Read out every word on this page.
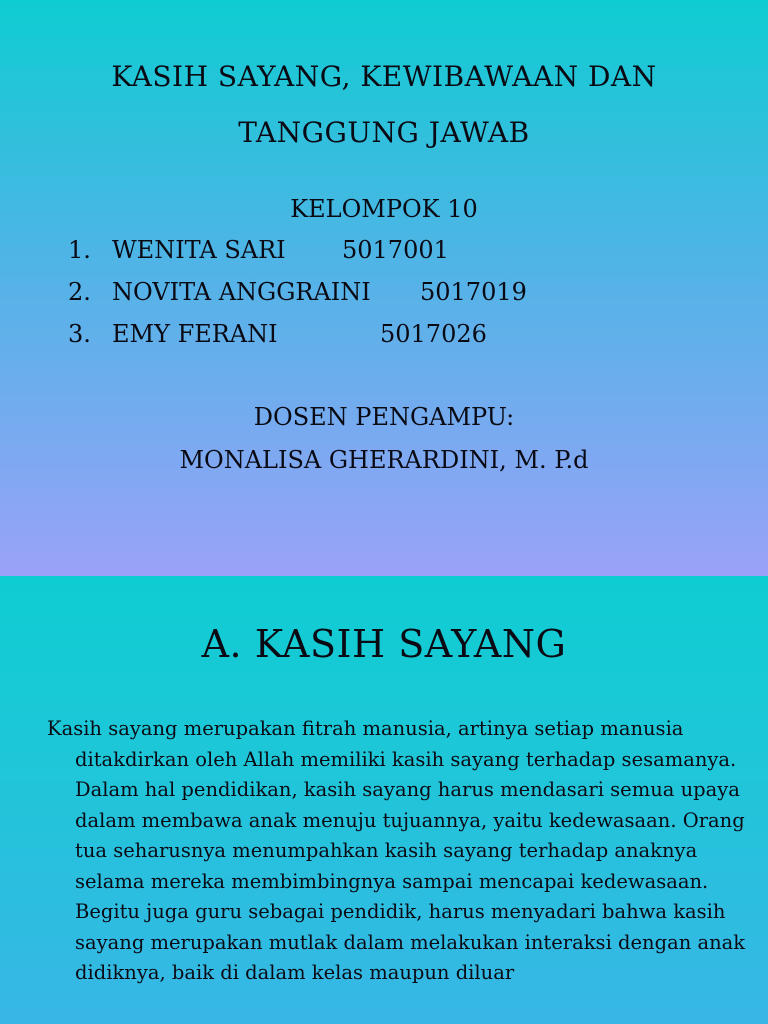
KASIH SAYANG, KEWIBAWAAN DAN
TANGGUNG JAWAB
KELOMPOK 10
1. WENITA SARI 5017001
2. NOVITA ANGGRAINI 5017019
3. EMY FERANI	5017026
DOSEN PENGAMPU:
MONALISA GHERARDINI, M. P.d
A. KASIH SAYANG

Kasih sayang merupakan fitrah manusia, artinya setiap manusia ditakdirkan oleh Allah memiliki kasih sayang terhadap sesamanya. Dalam hal pendidikan, kasih sayang harus mendasari semua upaya dalam membawa anak menuju tujuannya, yaitu kedewasaan. Orang tua seharusnya menumpahkan kasih sayang terhadap anaknya selama mereka membimbingnya sampai mencapai kedewasaan. Begitu juga guru sebagai pendidik, harus menyadari bahwa kasih sayang merupakan mutlak dalam melakukan interaksi dengan anak didiknya, baik di dalam kelas maupun diluar
